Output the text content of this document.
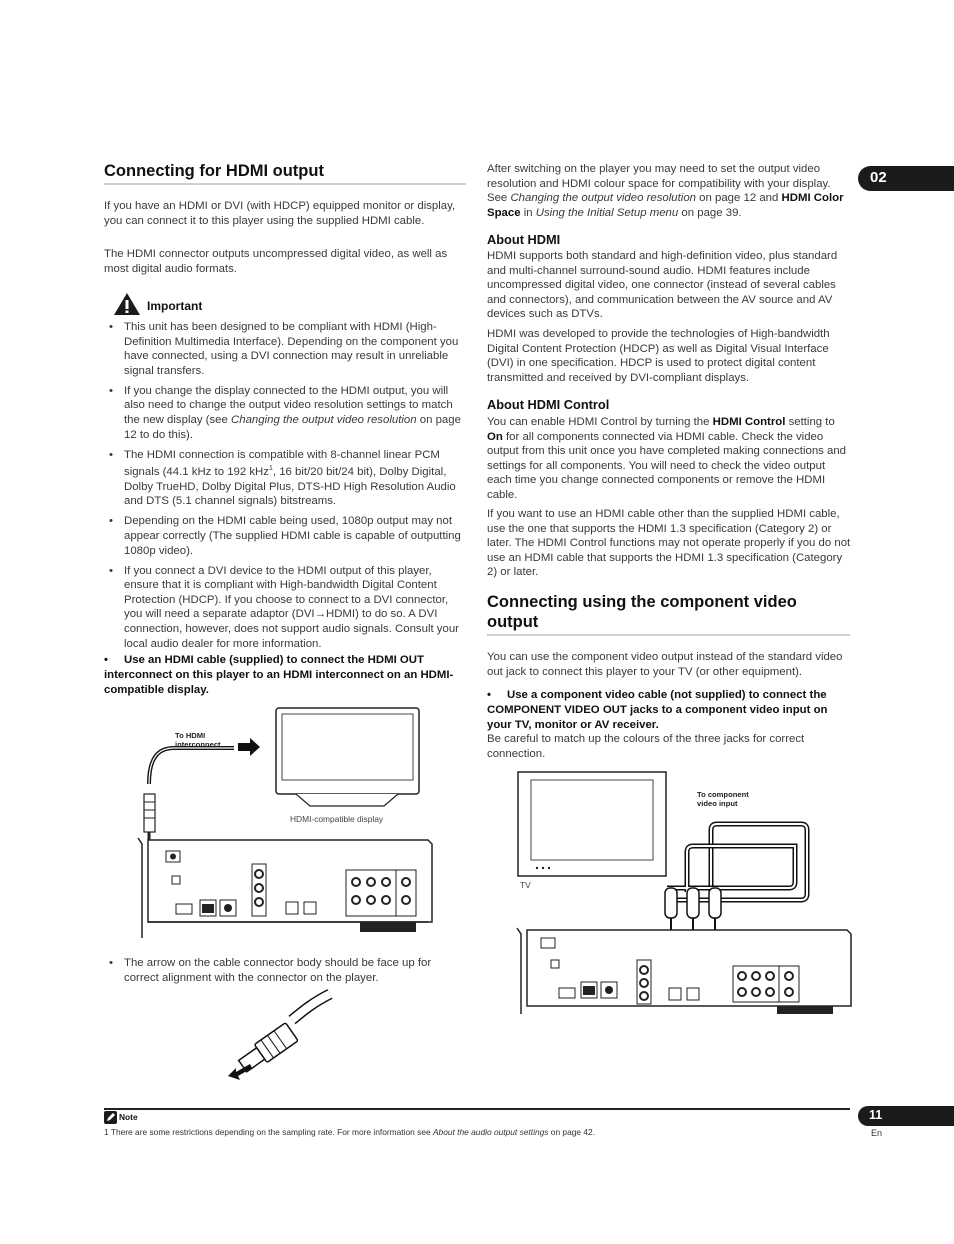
02
Connecting for HDMI output

If you have an HDMI or DVI (with HDCP) equipped monitor or display, you can connect it to this player using the supplied HDMI cable.

The HDMI connector outputs uncompressed digital video, as well as most digital audio formats.

Important
• This unit has been designed to be compliant with HDMI (High-Definition Multimedia Interface). Depending on the component you have connected, using a DVI connection may result in unreliable signal transfers.
• If you change the display connected to the HDMI output, you will also need to change the output video resolution settings to match the new display (see Changing the output video resolution on page 12 to do this).
• The HDMI connection is compatible with 8-channel linear PCM signals (44.1 kHz to 192 kHz$^1$, 16 bit/20 bit/24 bit), Dolby Digital, Dolby TrueHD, Dolby Digital Plus, DTS-HD High Resolution Audio and DTS (5.1 channel signals) bitstreams.
• Depending on the HDMI cable being used, 1080p output may not appear correctly (The supplied HDMI cable is capable of outputting 1080p video).
• If you connect a DVI device to the HDMI output of this player, ensure that it is compliant with High-bandwidth Digital Content Protection (HDCP). If you choose to connect to a DVI connector, you will need a separate adaptor (DVI→HDMI) to do so. A DVI connection, however, does not support audio signals. Consult your local audio dealer for more information.

• Use an HDMI cable (supplied) to connect the HDMI OUT interconnect on this player to an HDMI interconnect on an HDMI-compatible display.

To HDMI
interconnect
HDMI-compatible display
• The arrow on the cable connector body should be face up for correct alignment with the connector on the player.

After switching on the player you may need to set the output video resolution and HDMI colour space for compatibility with your display. See Changing the output video resolution on page 12 and HDMI Color Space in Using the Initial Setup menu on page 39.

About HDMI

HDMI supports both standard and high-definition video, plus standard and multi-channel surround-sound audio. HDMI features include uncompressed digital video, one connector (instead of several cables and connectors), and communication between the AV source and AV devices such as DTVs.

HDMI was developed to provide the technologies of High-bandwidth Digital Content Protection (HDCP) as well as Digital Visual Interface (DVI) in one specification. HDCP is used to protect digital content transmitted and received by DVI-compliant displays.

About HDMI Control

You can enable HDMI Control by turning the HDMI Control setting to On for all components connected via HDMI cable. Check the video output from this unit once you have completed making connections and settings for all components. You will need to check the video output each time you change connected components or remove the HDMI cable.

If you want to use an HDMI cable other than the supplied HDMI cable, use the one that supports the HDMI 1.3 specification (Category 2) or later. The HDMI Control functions may not operate properly if you do not use an HDMI cable that supports the HDMI 1.3 specification (Category 2) or later.

Connecting using the component video
output

You can use the component video output instead of the standard video out jack to connect this player to your TV (or other equipment).

• Use a component video cable (not supplied) to connect the COMPONENT VIDEO OUT jacks to a component video input on your TV, monitor or AV receiver.

Be careful to match up the colours of the three jacks for correct connection.

To component
video input
TV
Note

1 There are some restrictions depending on the sampling rate. For more information see About the audio output settings on page 42.

11
En
